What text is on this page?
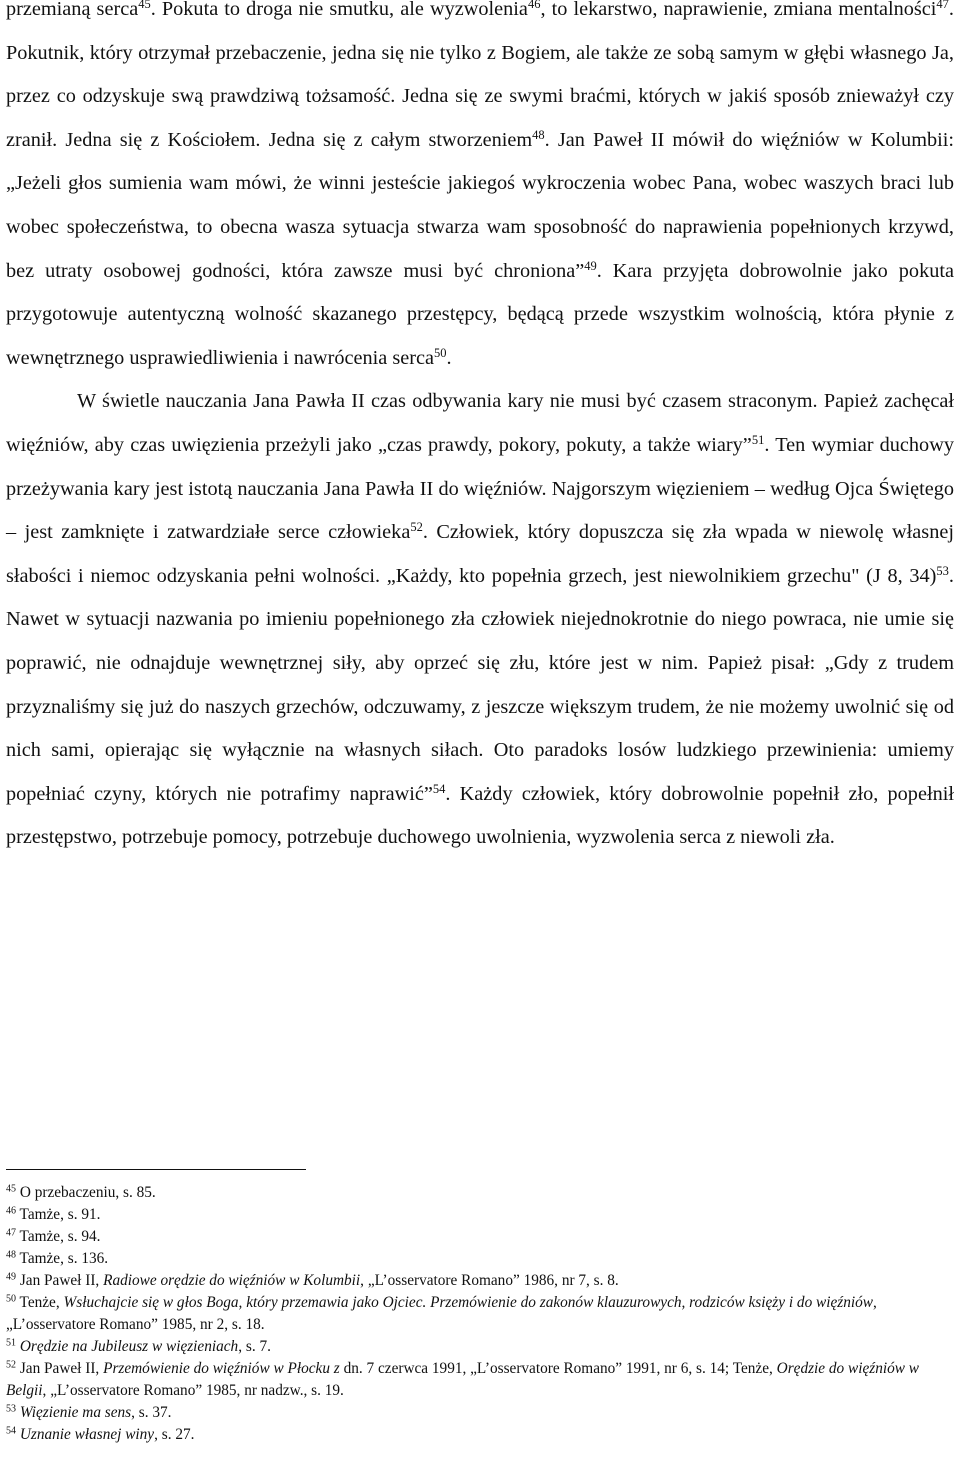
przemianą serca$^{45}$. Pokuta to droga nie smutku, ale wyzwolenia$^{46}$, to lekarstwo, naprawienie, zmiana mentalności$^{47}$. Pokutnik, który otrzymał przebaczenie, jedna się nie tylko z Bogiem, ale także ze sobą samym w głębi własnego Ja, przez co odzyskuje swą prawdziwą tożsamość. Jedna się ze swymi braćmi, których w jakiś sposób znieważył czy zranił. Jedna się z Kościołem. Jedna się z całym stworzeniem$^{48}$. Jan Paweł II mówił do więźniów w Kolumbii: „Jeżeli głos sumienia wam mówi, że winni jesteście jakiegoś wykroczenia wobec Pana, wobec waszych braci lub wobec społeczeństwa, to obecna wasza sytuacja stwarza wam sposobność do naprawienia popełnionych krzywd, bez utraty osobowej godności, która zawsze musi być chroniona”$^{49}$. Kara przyjęta dobrowolnie jako pokuta przygotowuje autentyczną wolność skazanego przestępcy, będącą przede wszystkim wolnością, która płynie z wewnętrznego usprawiedliwienia i nawrócenia serca$^{50}$.

W świetle nauczania Jana Pawła II czas odbywania kary nie musi być czasem straconym. Papież zachęcał więźniów, aby czas uwięzienia przeżyli jako „czas prawdy, pokory, pokuty, a także wiary”$^{51}$. Ten wymiar duchowy przeżywania kary jest istotą nauczania Jana Pawła II do więźniów. Najgorszym więzieniem – według Ojca Świętego – jest zamknięte i zatwardziałe serce człowieka$^{52}$. Człowiek, który dopuszcza się zła wpada w niewolę własnej słabości i niemoc odzyskania pełni wolności. „Każdy, kto popełnia grzech, jest niewolnikiem grzechu" (J 8, 34)$^{53}$. Nawet w sytuacji nazwania po imieniu popełnionego zła człowiek niejednokrotnie do niego powraca, nie umie się poprawić, nie odnajduje wewnętrznej siły, aby oprzeć się złu, które jest w nim. Papież pisał: „Gdy z trudem przyznaliśmy się już do naszych grzechów, odczuwamy, z jeszcze większym trudem, że nie możemy uwolnić się od nich sami, opierając się wyłącznie na własnych siłach. Oto paradoks losów ludzkiego przewinienia: umiemy popełniać czyny, których nie potrafimy naprawić”$^{54}$. Każdy człowiek, który dobrowolnie popełnił zło, popełnił przestępstwo, potrzebuje pomocy, potrzebuje duchowego uwolnienia, wyzwolenia serca z niewoli zła.

$^{45}$ O przebaczeniu, s. 85.
$^{46}$ Tamże, s. 91.
$^{47}$ Tamże, s. 94.
$^{48}$ Tamże, s. 136.
$^{49}$ Jan Paweł II, Radiowe orędzie do więźniów w Kolumbii, „L’osservatore Romano” 1986, nr 7, s. 8.
$^{50}$ Tenże, Wsłuchajcie się w głos Boga, który przemawia jako Ojciec. Przemówienie do zakonów klauzurowych, rodziców księży i do więźniów, „L’osservatore Romano” 1985, nr 2, s. 18.
$^{51}$ Orędzie na Jubileusz w więzieniach, s. 7.
$^{52}$ Jan Paweł II, Przemówienie do więźniów w Płocku z dn. 7 czerwca 1991, „L’osservatore Romano” 1991, nr 6, s. 14; Tenże, Orędzie do więźniów w Belgii, „L’osservatore Romano” 1985, nr nadzw., s. 19.
$^{53}$ Więzienie ma sens, s. 37.
$^{54}$ Uznanie własnej winy, s. 27.
